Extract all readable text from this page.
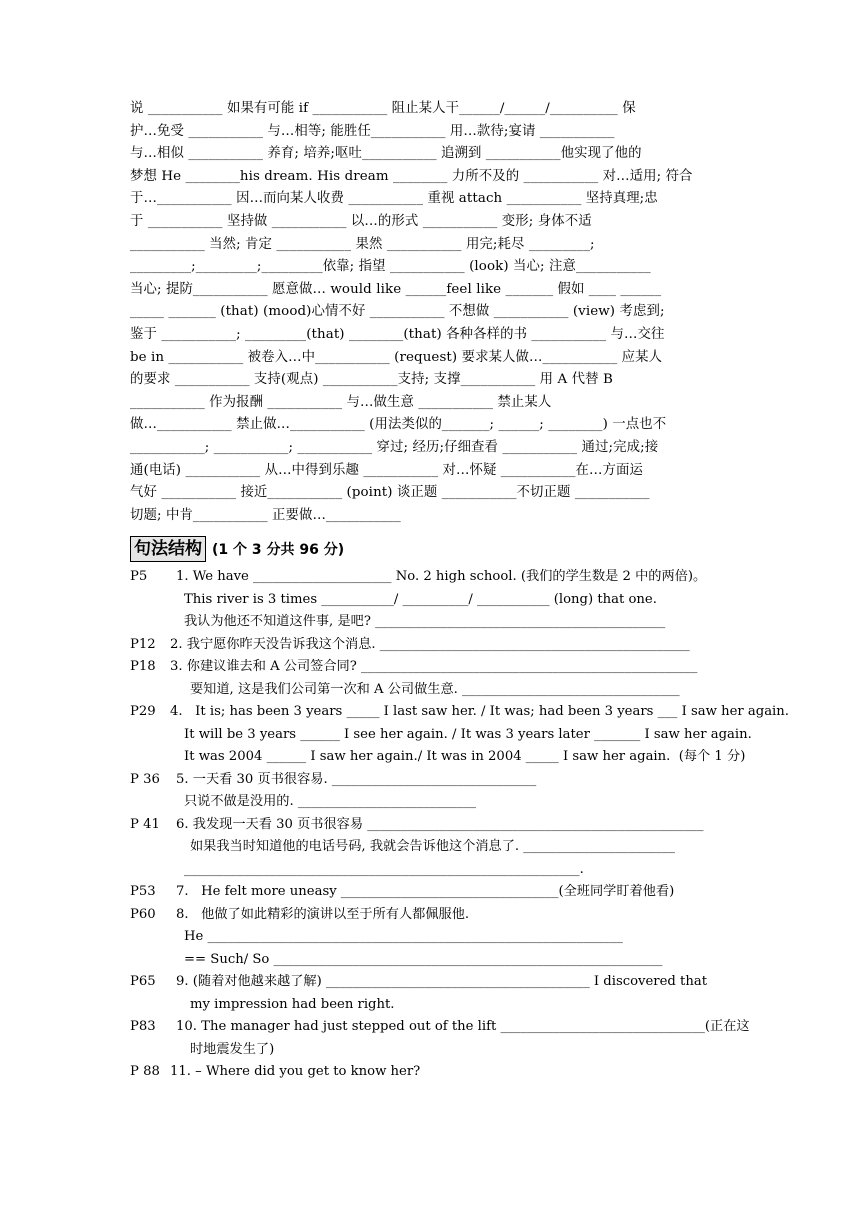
说 ___________ 如果有可能 if ___________ 阻止某人干______/______/__________ 保
护…免受 ___________ 与…相等; 能胜任___________ 用…款待;宴请 ___________
与…相似 ___________ 养育; 培养;呕吐___________ 追溯到 ___________他实现了他的
梦想 He ________his dream. His dream ________ 力所不及的 ___________ 对…适用; 符合
于…___________ 因…而向某人收费 ___________ 重视 attach ___________ 坚持真理;忠
于 ___________ 坚持做 ___________ 以…的形式 ___________ 变形; 身体不适
___________ 当然; 肯定 ___________ 果然 ___________ 用完;耗尽 _________;
_________;_________;_________依靠; 指望 ___________ (look) 当心; 注意___________
当心; 提防___________ 愿意做… would like ______feel like _______ 假如 ____ ______
_____ _______ (that) (mood)心情不好 ___________ 不想做 ___________ (view) 考虑到;
鉴于 ___________; _________(that) ________(that) 各种各样的书 ___________ 与…交往
be in ___________ 被卷入…中___________ (request) 要求某人做…___________ 应某人
的要求 ___________ 支持(观点) ___________支持; 支撑___________ 用 A 代替 B
___________ 作为报酬 ___________ 与…做生意 ___________ 禁止某人
做…___________ 禁止做…___________ (用法类似的_______; ______; ________) 一点也不
___________; ___________; ___________ 穿过; 经历;仔细查看 ___________ 通过;完成;接
通(电话) ___________ 从…中得到乐趣 ___________ 对…怀疑 ___________在…方面运
气好 ___________ 接近___________ (point) 谈正题 ___________不切正题 ___________
切题; 中肯___________ 正要做…___________
句法结构 (1 个 3 分共 96 分)
P5	1. We have _____________________ No. 2 high school. (我们的学生数是 2 中的两倍)。
This river is 3 times ___________/ __________/ ___________ (long) that one.
我认为他还不知道这件事, 是吧? ____________________________________________
P12	2. 我宁愿你昨天没告诉我这个消息. _______________________________________________
P18	3. 你建议谁去和 A 公司签合同? ___________________________________________________
要知道, 这是我们公司第一次和 A 公司做生意. _________________________________
P29	4.   It is; has been 3 years _____ I last saw her. / It was; had been 3 years ___ I saw her again.
It will be 3 years ______ I see her again. / It was 3 years later _______ I saw her again.
It was 2004 ______ I saw her again./ It was in 2004 _____ I saw her again.  (每个 1 分)
P 36	5. 一天看 30 页书很容易. _______________________________
只说不做是没用的. ___________________________
P 41	6. 我发现一天看 30 页书很容易 ___________________________________________________
如果我当时知道他的电话号码, 我就会告诉他这个消息了. _______________________
____________________________________________________________.
P53	7.   He felt more uneasy _________________________________(全班同学盯着他看)
P60	8.   他做了如此精彩的演讲以至于所有人都佩服他.
He _______________________________________________________________
== Such/ So ___________________________________________________________
P65	9. (随着对他越来越了解) ________________________________________ I discovered that
my impression had been right.
P83	10. The manager had just stepped out of the lift _______________________________(正在这
时地震发生了)
P 88 11. – Where did you get to know her?
